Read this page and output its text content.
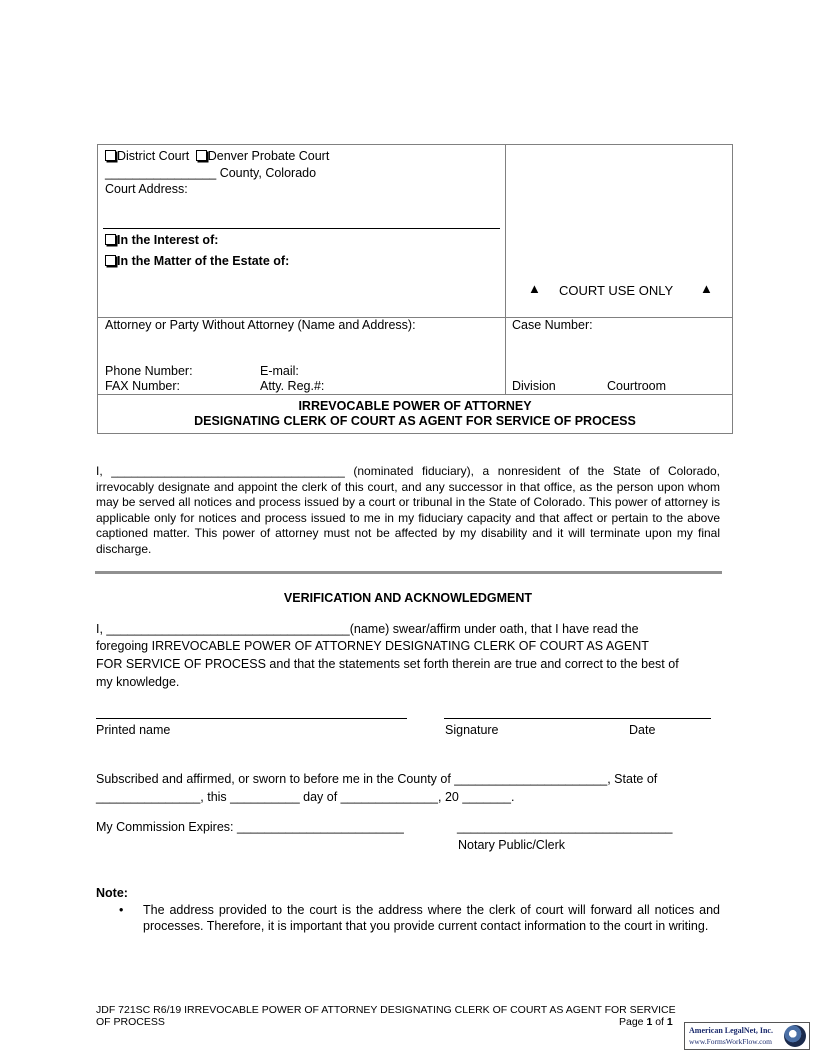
District Court Denver Probate Court
________________ County, Colorado
Court Address:
In the Interest of:
In the Matter of the Estate of:
▲ COURT USE ONLY ▲
Attorney or Party Without Attorney (Name and Address):
Phone Number:	E-mail:
FAX Number:	Atty. Reg.#:
Case Number:
Division	Courtroom
IRREVOCABLE POWER OF ATTORNEY
DESIGNATING CLERK OF COURT AS AGENT FOR SERVICE OF PROCESS
I, ___________________________________ (nominated fiduciary), a nonresident of the State of Colorado, irrevocably designate and appoint the clerk of this court, and any successor in that office, as the person upon whom may be served all notices and process issued by a court or tribunal in the State of Colorado. This power of attorney is applicable only for notices and process issued to me in my fiduciary capacity and that affect or pertain to the above captioned matter. This power of attorney must not be affected by my disability and it will terminate upon my final discharge.
VERIFICATION AND ACKNOWLEDGMENT
I, ___________________________________(name) swear/affirm under oath, that I have read the
foregoing IRREVOCABLE POWER OF ATTORNEY DESIGNATING CLERK OF COURT AS AGENT
FOR SERVICE OF PROCESS and that the statements set forth therein are true and correct to the best of
my knowledge.
Printed name	Signature	Date
Subscribed and affirmed, or sworn to before me in the County of ______________________, State of
_______________, this __________ day of ______________, 20 _______.
My Commission Expires: ________________________	_______________________________
Notary Public/Clerk
Note:
• The address provided to the court is the address where the clerk of court will forward all notices and processes. Therefore, it is important that you provide current contact information to the court in writing.
JDF 721SC R6/19 IRREVOCABLE POWER OF ATTORNEY DESIGNATING CLERK OF COURT AS AGENT FOR SERVICE
OF PROCESS	Page 1 of 1
American LegalNet, Inc.
www.FormsWorkFlow.com
